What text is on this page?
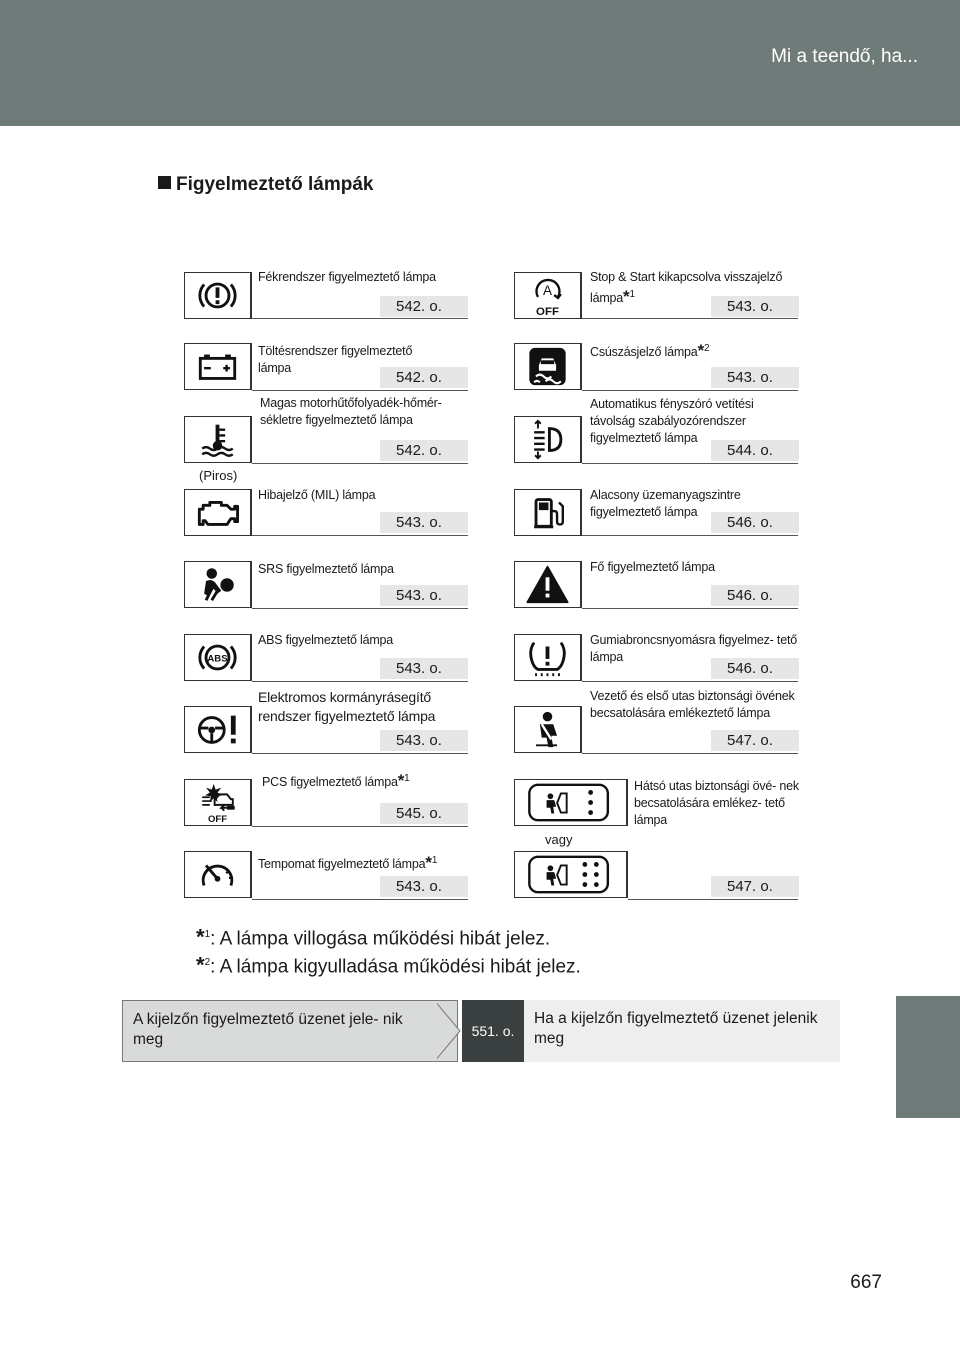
Mi a teendő, ha...
Figyelmeztető lámpák
Fékrendszer figyelmeztető lámpa
542. o.
Töltésrendszer figyelmeztető lámpa
542. o.
(Piros)
Magas motorhűtőfolyadék-hőmér- sékletre figyelmeztető lámpa
542. o.
Hibajelző (MIL) lámpa
543. o.
SRS figyelmeztető lámpa
543. o.
ABS
ABS figyelmeztető lámpa
543. o.
Elektromos kormányrásegítő rendszer figyelmeztető lámpa
543. o.
OFF
PCS figyelmeztető lámpa*$^1$
545. o.
Tempomat figyelmeztető lámpa*$^1$
543. o.
A
OFF
Stop & Start kikapcsolva visszajelző lámpa*$^1$
543. o.
Csúszásjelző lámpa*$^2$
543. o.
Automatikus fényszóró vetítési távolság szabályozórendszer figyelmeztető lámpa
544. o.
Alacsony üzemanyagszintre figyelmeztető lámpa
546. o.
Fő figyelmeztető lámpa
546. o.
Gumiabroncsnyomásra figyelmez- tető lámpa
546. o.
Vezető és első utas biztonsági övének becsatolására emlékeztető lámpa
547. o.
vagy
Hátsó utas biztonsági övé- nek becsatolására emlékez- tető lámpa
547. o.
*$^1$: A lámpa villogása működési hibát jelez.
*$^2$: A lámpa kigyulladása működési hibát jelez.
A kijelzőn figyelmeztető üzenet jele- nik meg	551. o.
Ha a kijelzőn figyelmeztető üzenet jelenik meg
667
